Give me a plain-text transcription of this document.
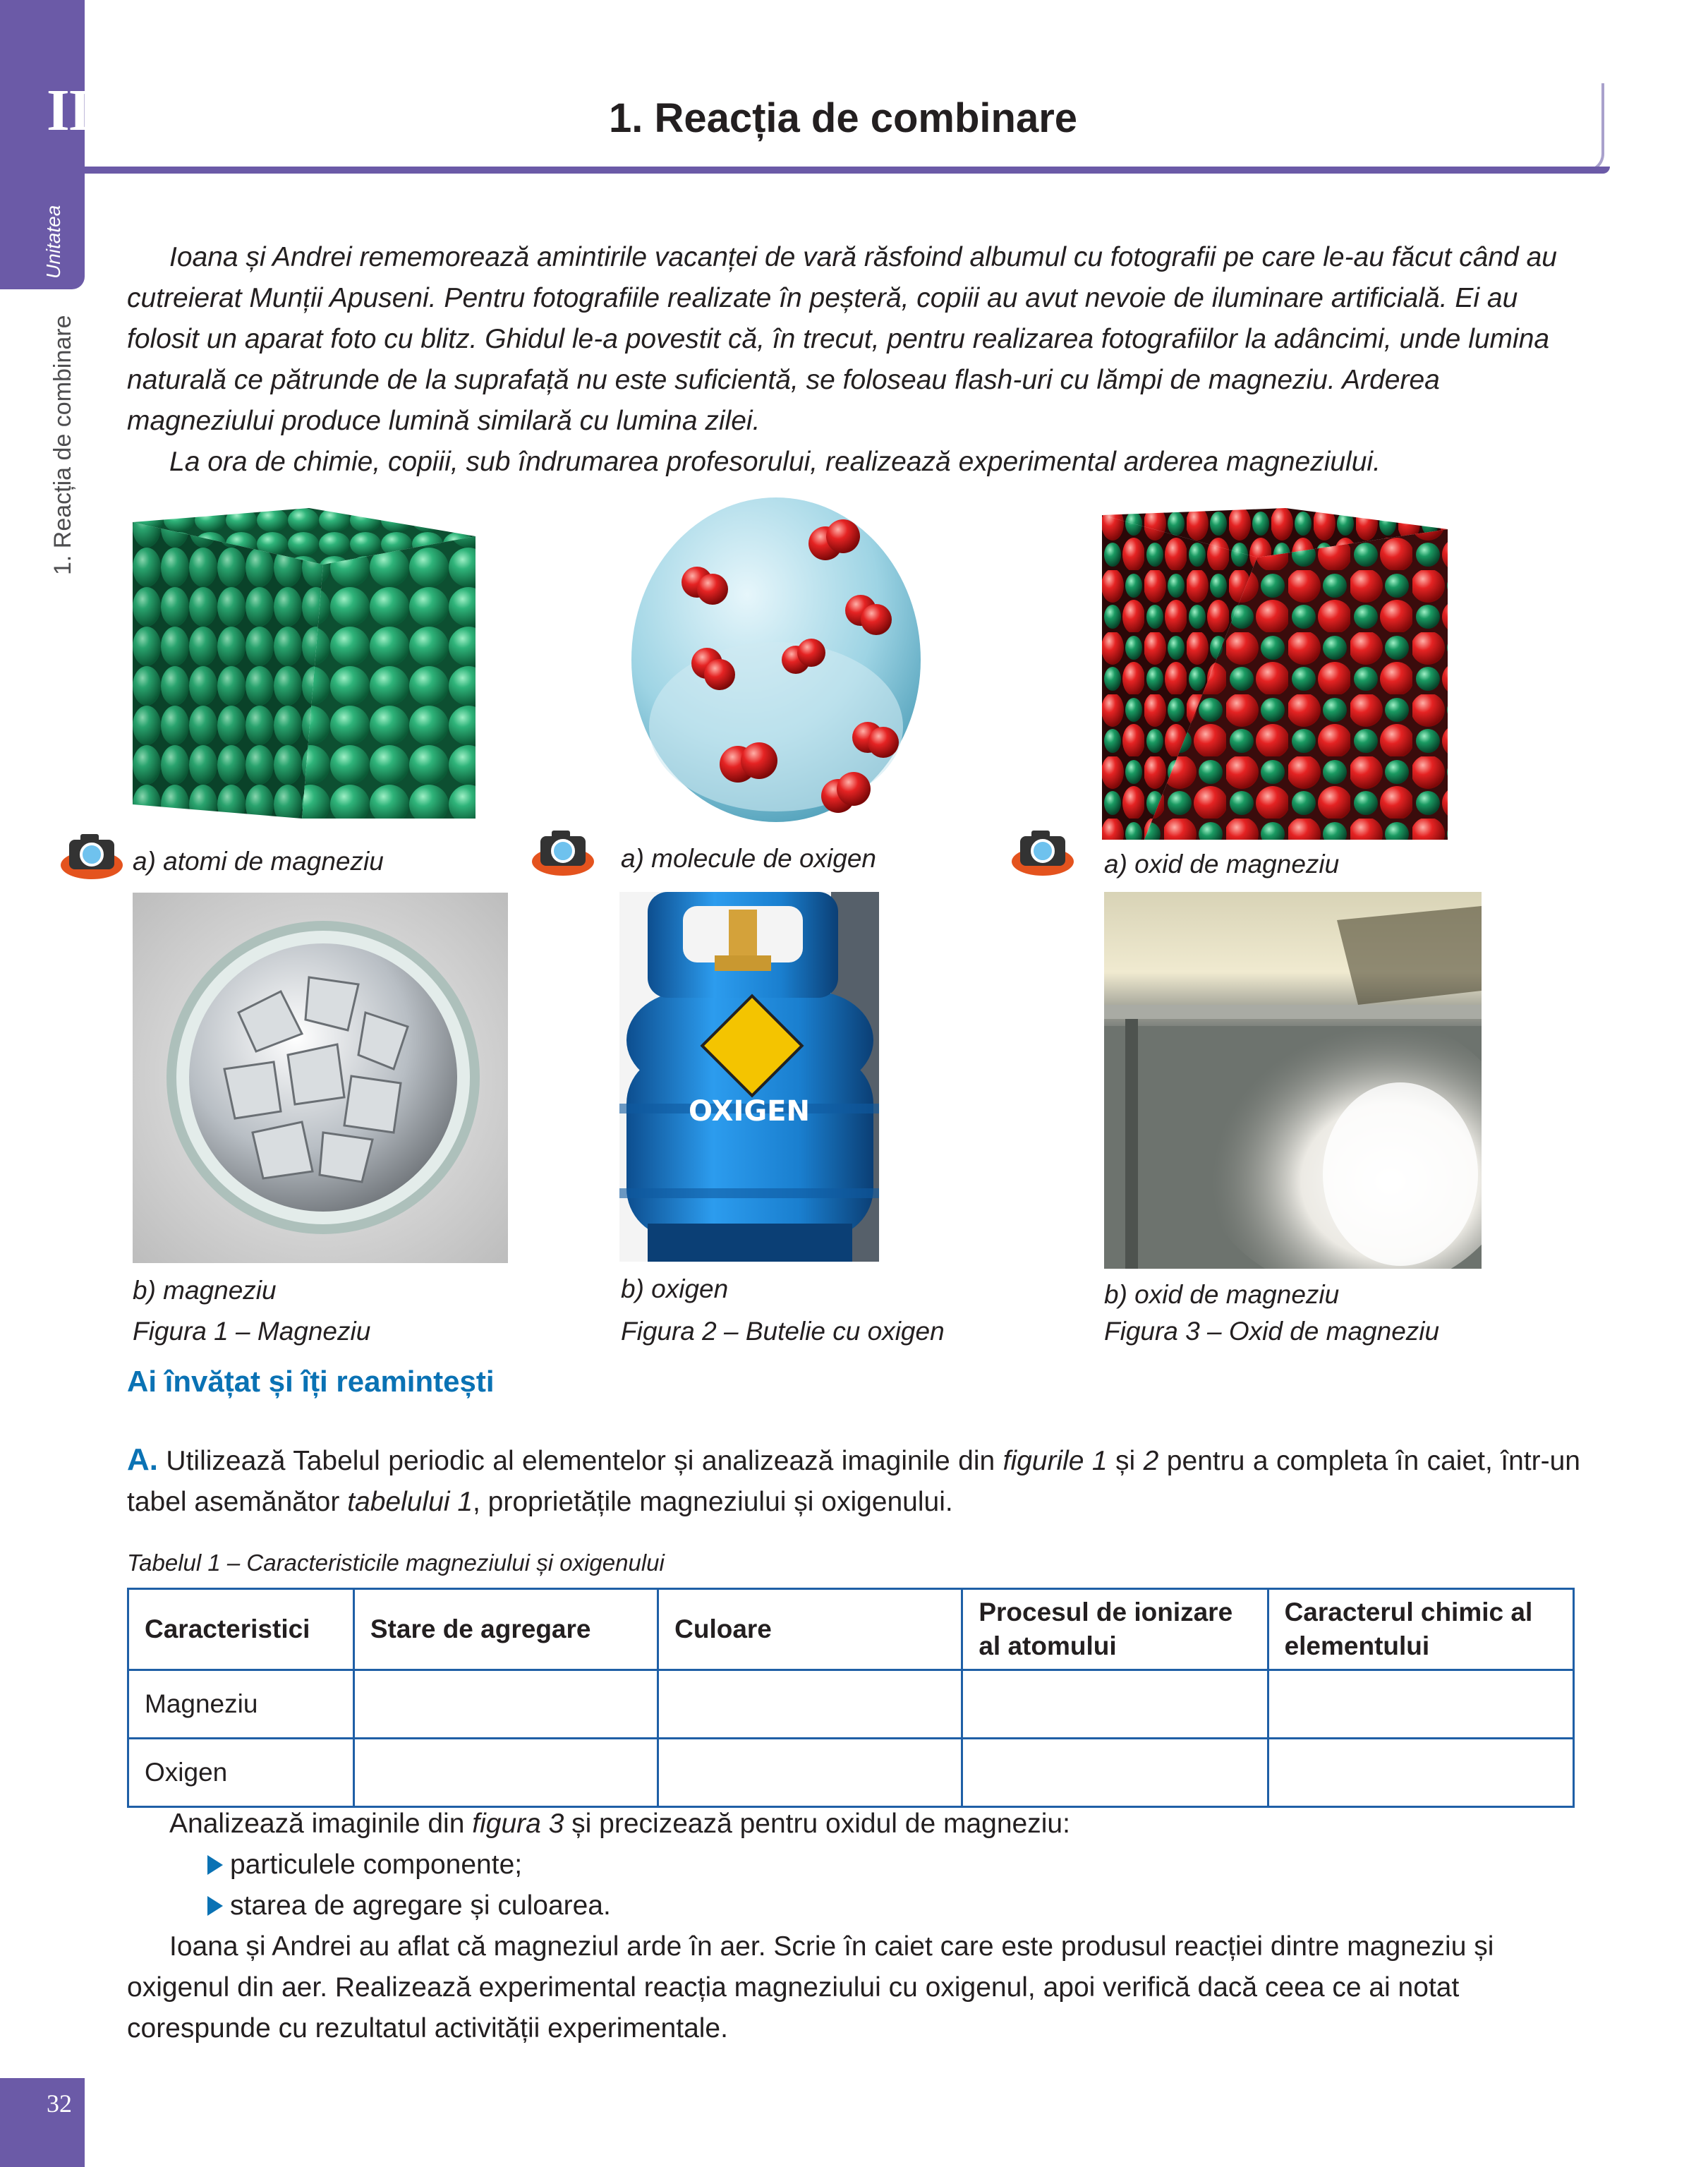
III
Unitatea
1. Reacția de combinare
32
1. Reacția de combinare
Ioana și Andrei rememorează amintirile vacanței de vară răsfoind albumul cu fotografii pe care le-au făcut când au cutreierat Munții Apuseni. Pentru fotografiile realizate în peșteră, copiii au avut nevoie de iluminare artificială. Ei au folosit un aparat foto cu blitz. Ghidul le-a povestit că, în trecut, pentru realizarea fotografiilor la adâncimi, unde lumina naturală ce pătrunde de la suprafață nu este suficientă, se foloseau flash-uri cu lămpi de magneziu. Arderea magneziului produce lumină similară cu lumina zilei.
La ora de chimie, copiii, sub îndrumarea profesorului, realizează experimental arderea magneziului.
a) atomi de magneziu
b) magneziu
Figura 1 – Magneziu
a) molecule de oxigen
OXIGEN
b) oxigen
Figura 2 – Butelie cu oxigen
a) oxid de magneziu
b) oxid de magneziu
Figura 3 – Oxid de magneziu
Ai învățat și îți reamintești
A. Utilizează Tabelul periodic al elementelor și analizează imaginile din figurile 1 și 2 pentru a completa în caiet, într-un tabel asemănător tabelului 1, proprietățile magneziului și oxigenului.
Tabelul 1 – Caracteristicile magneziului și oxigenului
Caracteristici	Stare de agregare	Culoare	Procesul de ionizare al atomului	Caracterul chimic al elementului
Magneziu				
Oxigen				
Analizează imaginile din figura 3 și precizează pentru oxidul de magneziu:
particulele componente;
starea de agregare și culoarea.
Ioana și Andrei au aflat că magneziul arde în aer. Scrie în caiet care este produsul reacției dintre magneziu și oxigenul din aer. Realizează experimental reacția magneziului cu oxigenul, apoi verifică dacă ceea ce ai notat corespunde cu rezultatul activității experimentale.
